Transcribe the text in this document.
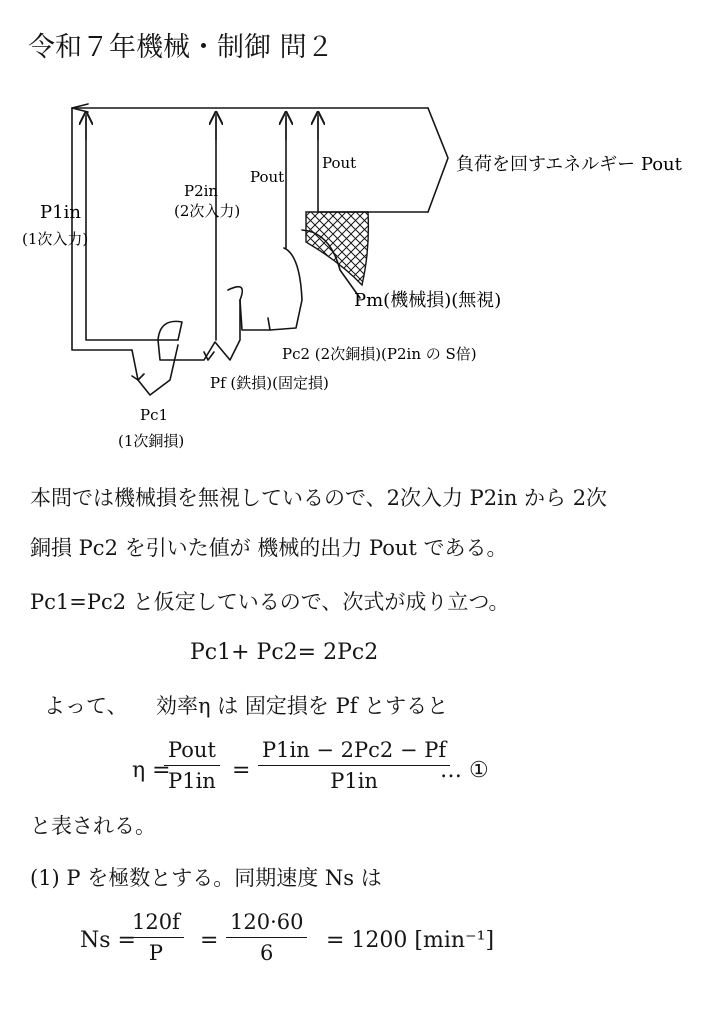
令和７年機械・制御 問２
負荷を回すエネルギー Pout
P1in
(1次入力)
P2in
(2次入力)
Pout
Pout
Pm(機械損)(無視)
Pc2 (2次銅損)(P2in の S倍)
Pf (鉄損)(固定損)
Pc1
(1次銅損)
本問では機械損を無視しているので、2次入力 P2in から 2次
銅損 Pc2 を引いた値が 機械的出力 Pout である。
Pc1=Pc2 と仮定しているので、次式が成り立つ。
Pc1+ Pc2= 2Pc2
よって、 効率η は 固定損を Pf とすると
η =
Pout
P1in =
P1in − 2Pc2 − Pf
P1in	… ①
と表される。
(1) P を極数とする。同期速度 Ns は
Ns =
120f
P
=
120·60
6
= 1200 [min⁻¹]
